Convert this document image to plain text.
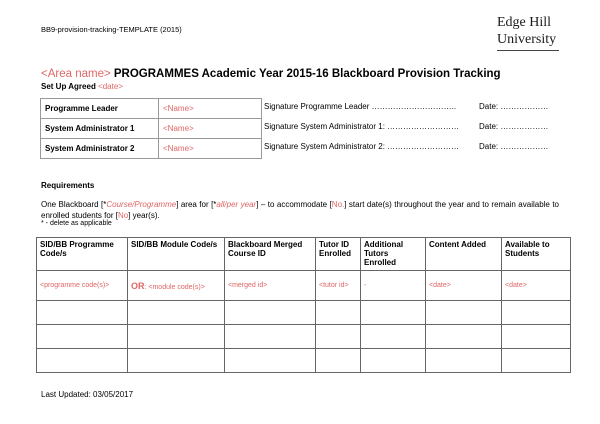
BB9-provision-tracking-TEMPLATE (2015)	Edge Hill

University
<Area name> PROGRAMMES Academic Year 2015-16 Blackboard Provision Tracking
Set Up Agreed <date>
Programme Leader	<Name>
System Administrator 1	<Name>
System Administrator 2	<Name>
Signature Programme Leader …………………………..	Date: ………………
Signature System Administrator 1: ……………………… Date: ………………
Signature System Administrator 2: ……………………… Date: ………………
Requirements
One Blackboard [*Course/Programme] area for [*all/per year] – to accommodate [No.] start date(s) throughout the year and to remain available to enrolled students for [No] year(s).
* - delete as applicable
SID/BB Programme Code/s	SID/BB Module Code/s	Blackboard Merged Course ID	Tutor ID Enrolled	Additional Tutors Enrolled	Content Added	Available to Students
<programme code(s)>	OR: <module code(s)>	<merged id>	<tutor id>	-	<date>	<date>

Last Updated: 03/05/2017
